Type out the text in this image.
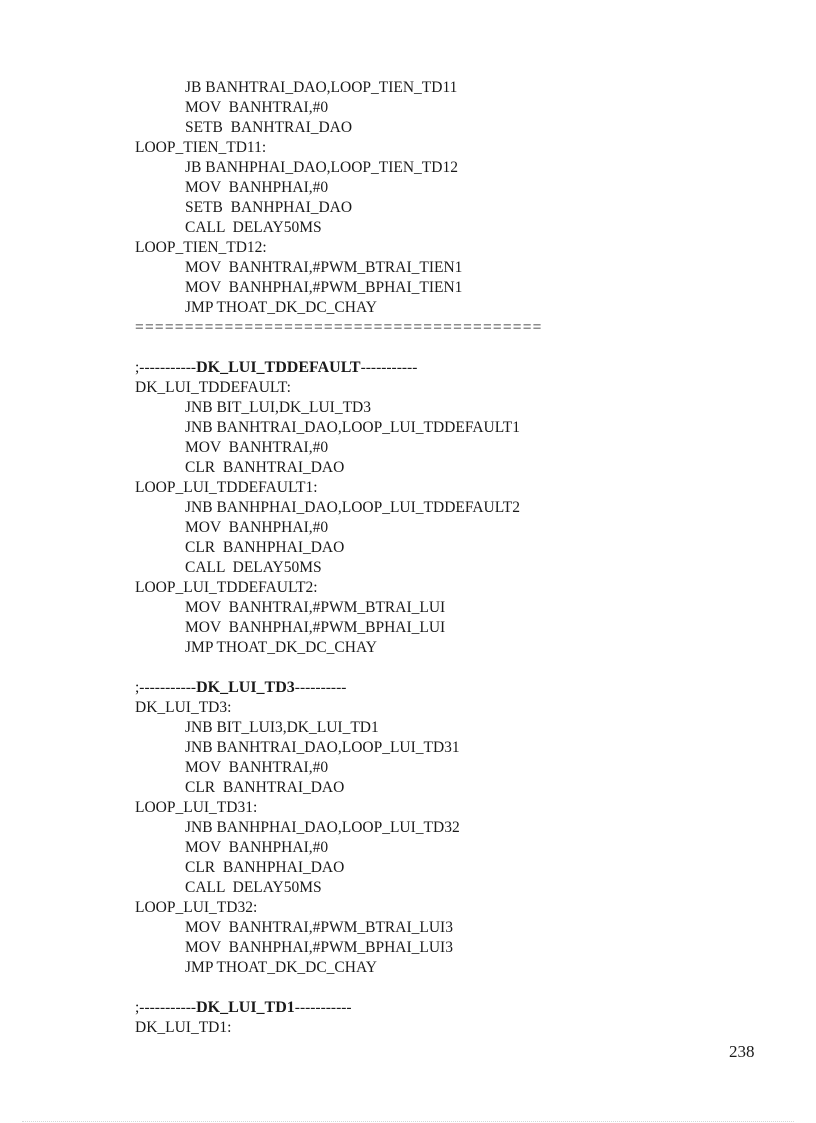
JB BANHTRAI_DAO,LOOP_TIEN_TD11
MOV  BANHTRAI,#0
SETB  BANHTRAI_DAO
LOOP_TIEN_TD11:
JB BANHPHAI_DAO,LOOP_TIEN_TD12
MOV  BANHPHAI,#0
SETB  BANHPHAI_DAO
CALL  DELAY50MS
LOOP_TIEN_TD12:
MOV  BANHTRAI,#PWM_BTRAI_TIEN1
MOV  BANHPHAI,#PWM_BPHAI_TIEN1
JMP THOAT_DK_DC_CHAY
=========================================
;-----------DK_LUI_TDDEFAULT-----------
DK_LUI_TDDEFAULT:
JNB BIT_LUI,DK_LUI_TD3
JNB BANHTRAI_DAO,LOOP_LUI_TDDEFAULT1
MOV  BANHTRAI,#0
CLR  BANHTRAI_DAO
LOOP_LUI_TDDEFAULT1:
JNB BANHPHAI_DAO,LOOP_LUI_TDDEFAULT2
MOV  BANHPHAI,#0
CLR  BANHPHAI_DAO
CALL  DELAY50MS
LOOP_LUI_TDDEFAULT2:
MOV  BANHTRAI,#PWM_BTRAI_LUI
MOV  BANHPHAI,#PWM_BPHAI_LUI
JMP THOAT_DK_DC_CHAY
;-----------DK_LUI_TD3----------
DK_LUI_TD3:
JNB BIT_LUI3,DK_LUI_TD1
JNB BANHTRAI_DAO,LOOP_LUI_TD31
MOV  BANHTRAI,#0
CLR  BANHTRAI_DAO
LOOP_LUI_TD31:
JNB BANHPHAI_DAO,LOOP_LUI_TD32
MOV  BANHPHAI,#0
CLR  BANHPHAI_DAO
CALL  DELAY50MS
LOOP_LUI_TD32:
MOV  BANHTRAI,#PWM_BTRAI_LUI3
MOV  BANHPHAI,#PWM_BPHAI_LUI3
JMP THOAT_DK_DC_CHAY
;-----------DK_LUI_TD1-----------
DK_LUI_TD1:
238
